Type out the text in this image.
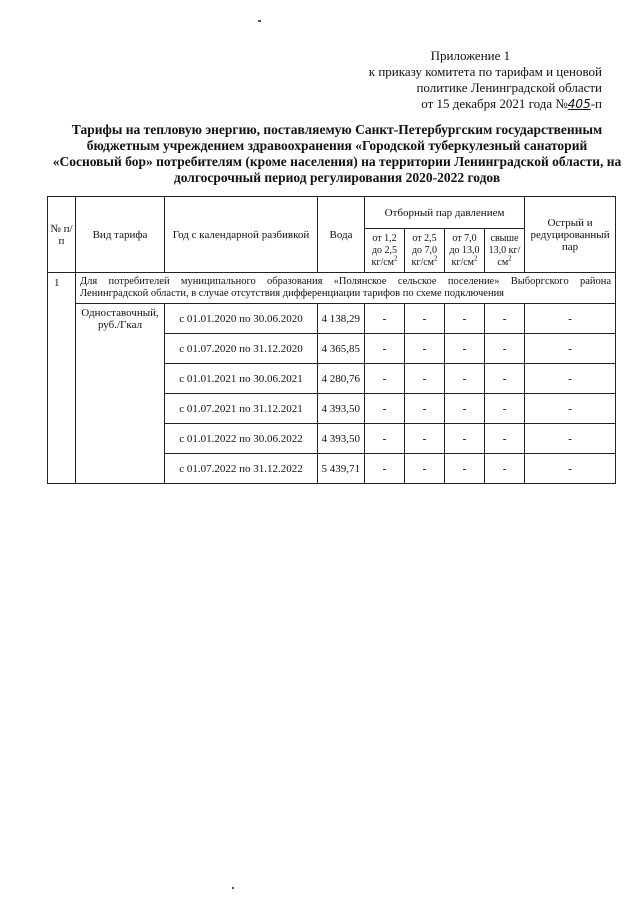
Приложение 1
к приказу комитета по тарифам и ценовой
политике Ленинградской области
от 15 декабря 2021 года №405-п
Тарифы на тепловую энергию, поставляемую Санкт-Петербургским государственным
бюджетным учреждением здравоохранения «Городской туберкулезный санаторий
«Сосновый бор» потребителям (кроме населения) на территории Ленинградской области, на
долгосрочный период регулирования 2020-2022 годов
№ п/п	Вид тарифа	Год с календарной разбивкой	Вода	Отборный пар давлением				Острый и редуцированный пар
				от 1,2 до 2,5 $кг/см^2$	от 2,5 до 7,0 $кг/см^2$	от 7,0 до 13,0 $кг/см^2$	свыше 13,0 $кг/см^2$
1	Для потребителей муниципального образования «Полянское сельское поселение» Выборгского района Ленинградской области, в случае отсутствия дифференциации тарифов по схеме подключения							
	Одноставочный, руб./Гкал	с 01.01.2020 по 30.06.2020	4 138,29	-	-	-	-	-
		с 01.07.2020 по 31.12.2020	4 365,85	-	-	-	-	-
		с 01.01.2021 по 30.06.2021	4 280,76	-	-	-	-	-
		с 01.07.2021 по 31.12.2021	4 393,50	-	-	-	-	-
		с 01.01.2022 по 30.06.2022	4 393,50	-	-	-	-	-
		с 01.07.2022 по 31.12.2022	5 439,71	-	-	-	-	-
